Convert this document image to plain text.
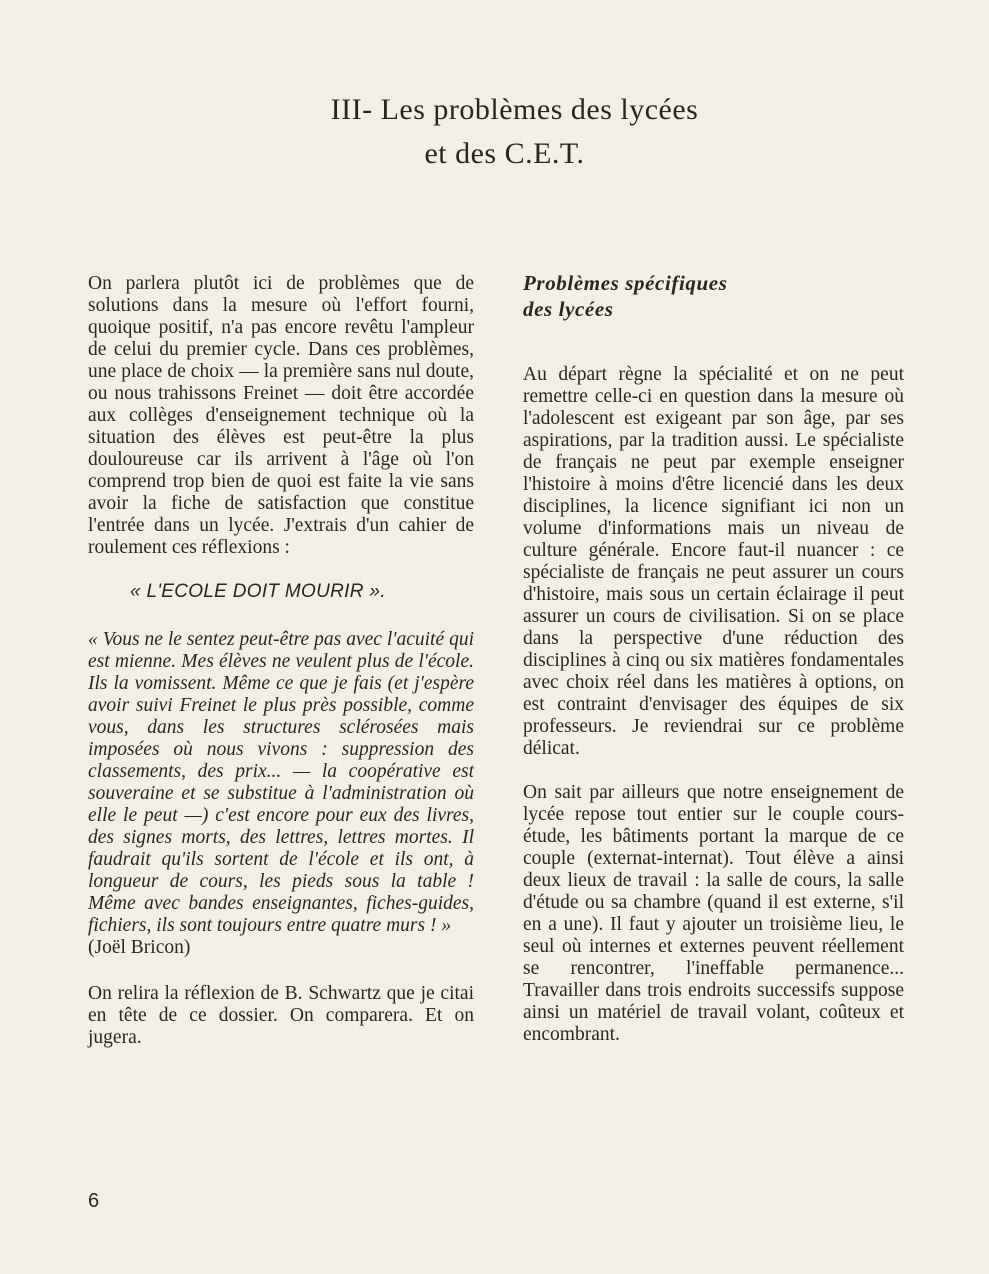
III- Les problèmes des lycées
et des C.E.T.

On parlera plutôt ici de problèmes que de solutions dans la mesure où l'effort fourni, quoique positif, n'a pas encore revêtu l'ampleur de celui du premier cycle. Dans ces problèmes, une place de choix — la première sans nul doute, ou nous trahissons Freinet — doit être accordée aux collèges d'enseignement technique où la situation des élèves est peut-être la plus douloureuse car ils arrivent à l'âge où l'on comprend trop bien de quoi est faite la vie sans avoir la fiche de satisfaction que constitue l'entrée dans un lycée. J'extrais d'un cahier de roulement ces réflexions :

« L'ECOLE DOIT MOURIR ».

« Vous ne le sentez peut-être pas avec l'acuité qui est mienne. Mes élèves ne veulent plus de l'école. Ils la vomissent. Même ce que je fais (et j'espère avoir suivi Freinet le plus près possible, comme vous, dans les structures sclérosées mais imposées où nous vivons : suppression des classements, des prix... — la coopérative est souveraine et se substitue à l'administration où elle le peut —) c'est encore pour eux des livres, des signes morts, des lettres, lettres mortes. Il faudrait qu'ils sortent de l'école et ils ont, à longueur de cours, les pieds sous la table ! Même avec bandes enseignantes, fiches-guides, fichiers, ils sont toujours entre quatre murs ! »

(Joël Bricon)

On relira la réflexion de B. Schwartz que je citai en tête de ce dossier. On comparera. Et on jugera.

Problèmes spécifiques
des lycées

Au départ règne la spécialité et on ne peut remettre celle-ci en question dans la mesure où l'adolescent est exigeant par son âge, par ses aspirations, par la tradition aussi. Le spécialiste de français ne peut par exemple enseigner l'histoire à moins d'être licencié dans les deux disciplines, la licence signifiant ici non un volume d'informations mais un niveau de culture générale. Encore faut-il nuancer : ce spécialiste de français ne peut assurer un cours d'histoire, mais sous un certain éclairage il peut assurer un cours de civilisation. Si on se place dans la perspective d'une réduction des disciplines à cinq ou six matières fondamentales avec choix réel dans les matières à options, on est contraint d'envisager des équipes de six professeurs. Je reviendrai sur ce problème délicat.

On sait par ailleurs que notre enseignement de lycée repose tout entier sur le couple cours-étude, les bâtiments portant la marque de ce couple (externat-internat). Tout élève a ainsi deux lieux de travail : la salle de cours, la salle d'étude ou sa chambre (quand il est externe, s'il en a une). Il faut y ajouter un troisième lieu, le seul où internes et externes peuvent réellement se rencontrer, l'ineffable permanence... Travailler dans trois endroits successifs suppose ainsi un matériel de travail volant, coûteux et encombrant.

6
